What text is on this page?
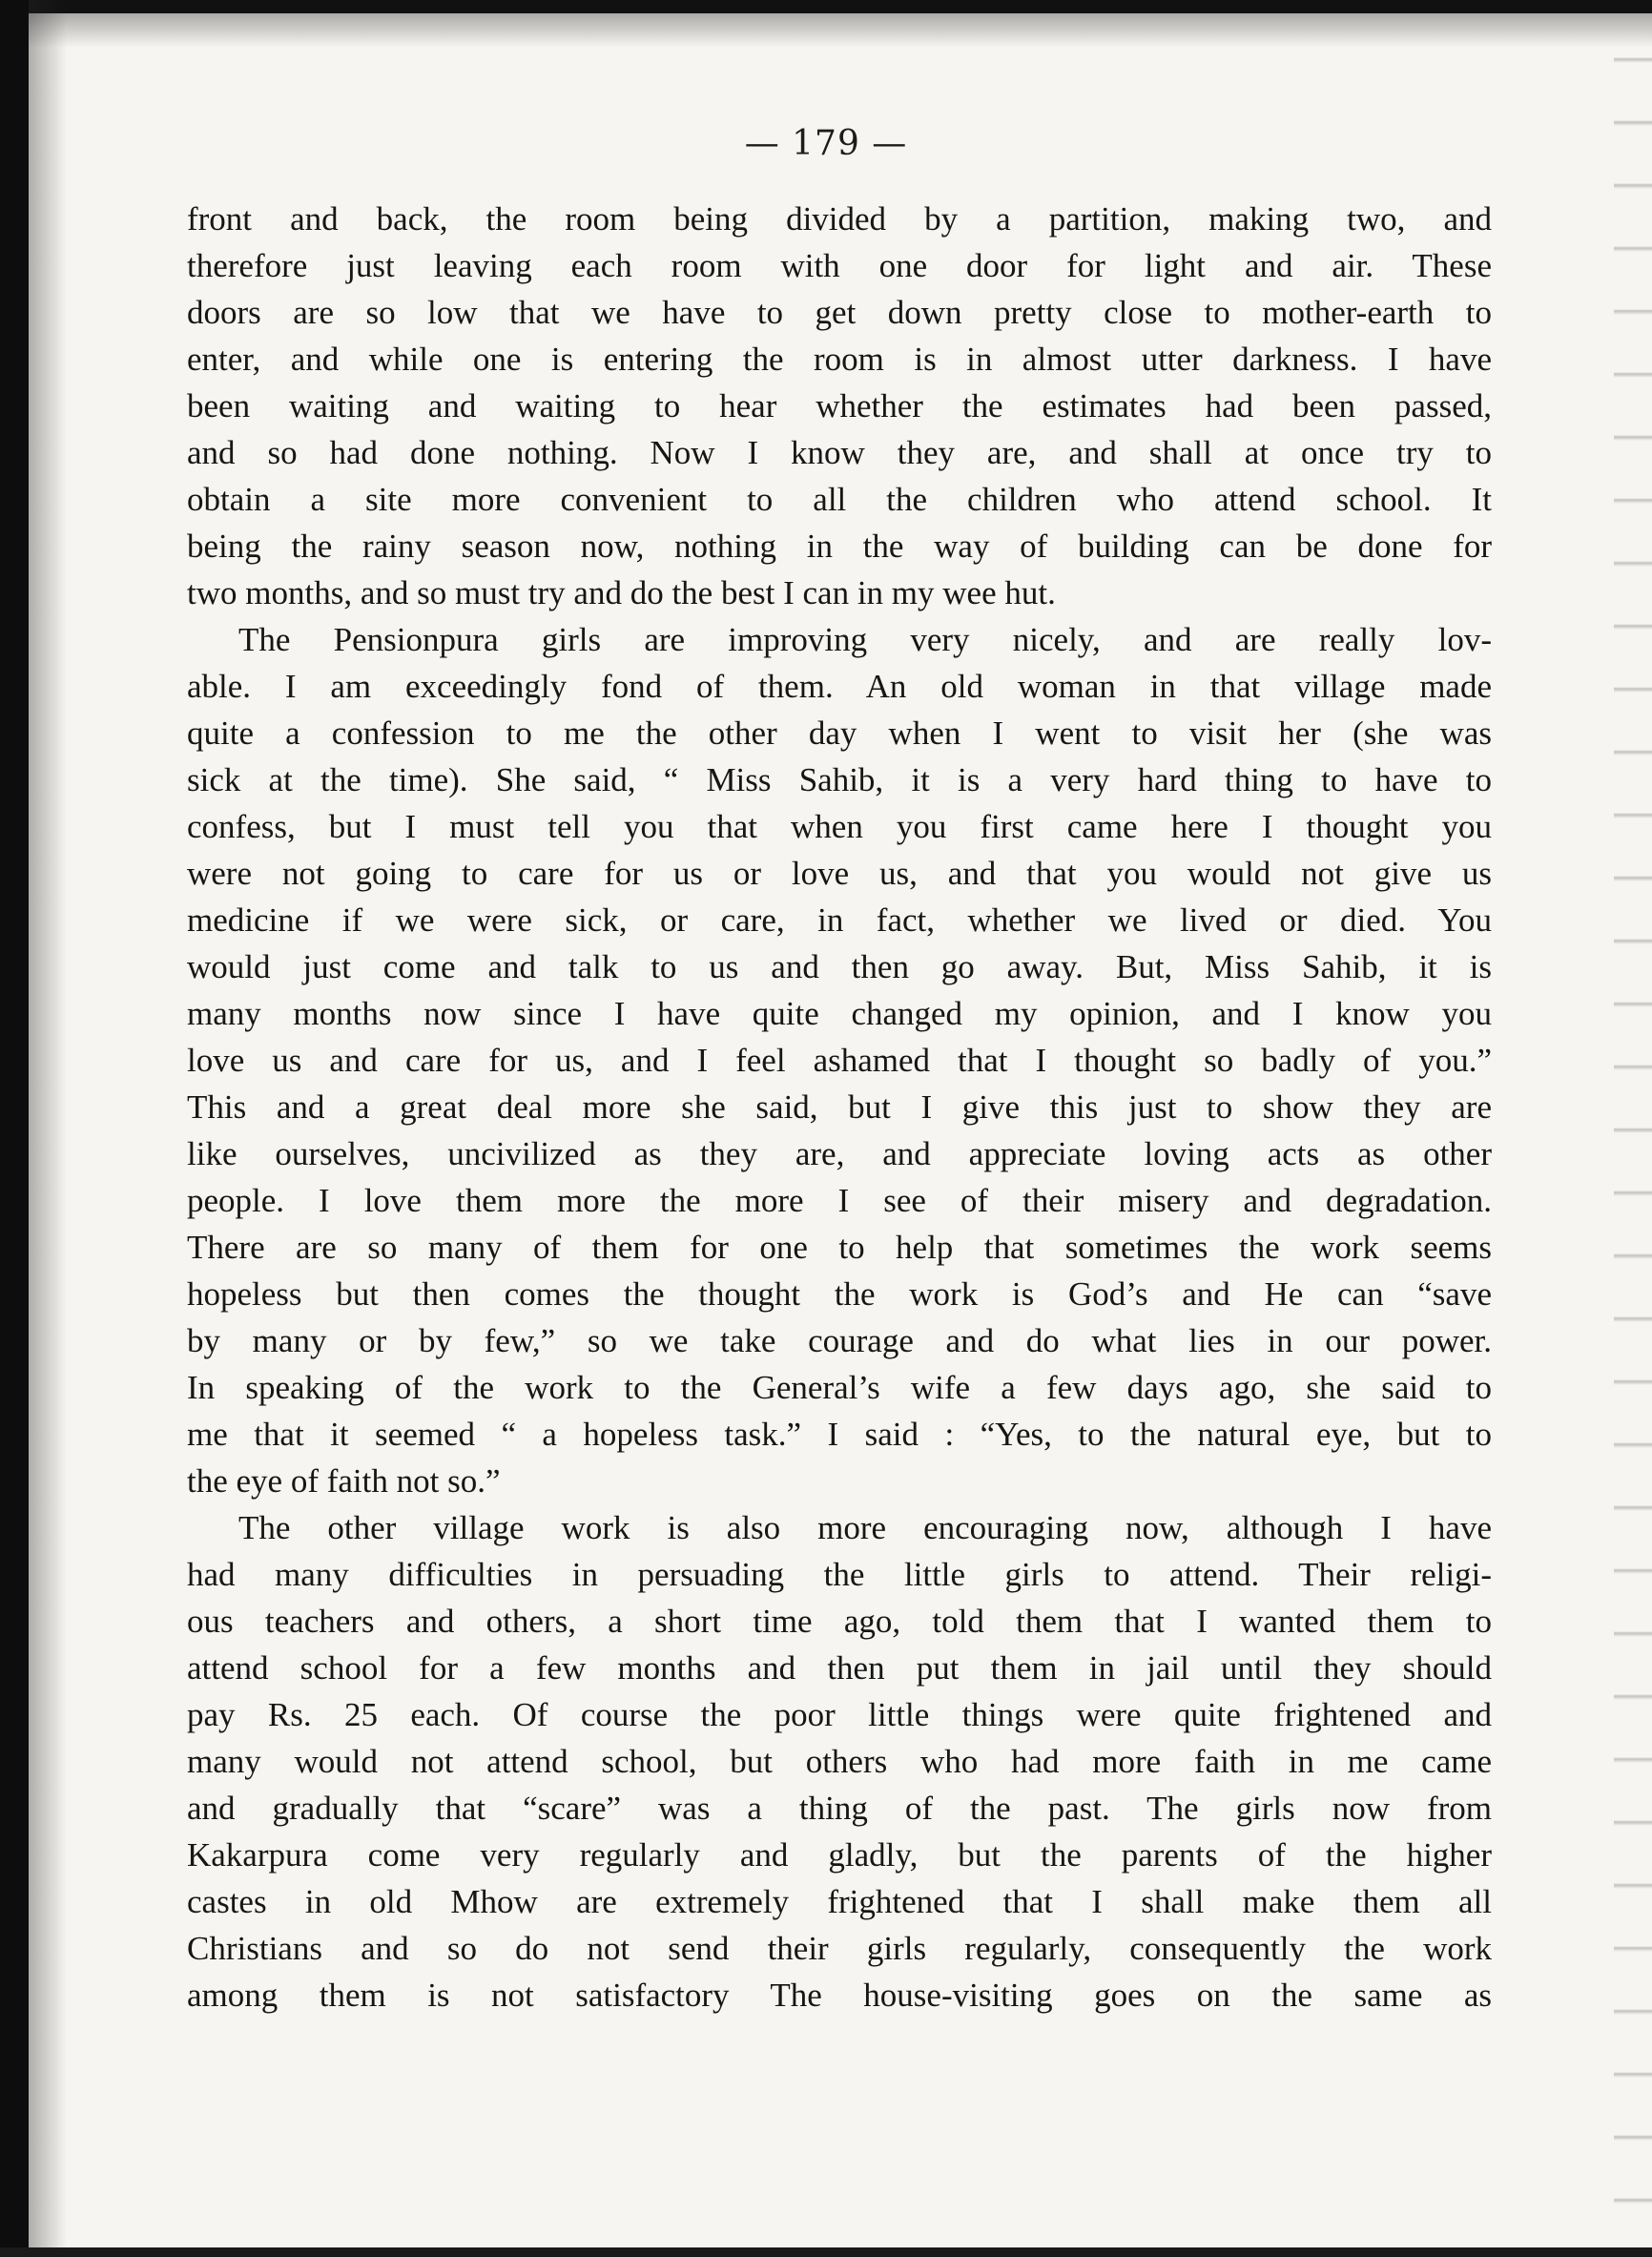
— 179 —
front and back, the room being divided by a partition, making two, and
therefore just leaving each room with one door for light and air. These
doors are so low that we have to get down pretty close to mother-earth to
enter, and while one is entering the room is in almost utter darkness. I have
been waiting and waiting to hear whether the estimates had been passed,
and so had done nothing. Now I know they are, and shall at once try to
obtain a site more convenient to all the children who attend school. It
being the rainy season now, nothing in the way of building can be done for
two months, and so must try and do the best I can in my wee hut.
The Pensionpura girls are improving very nicely, and are really lov-
able. I am exceedingly fond of them. An old woman in that village made
quite a confession to me the other day when I went to visit her (she was
sick at the time). She said, “ Miss Sahib, it is a very hard thing to have to
confess, but I must tell you that when you first came here I thought you
were not going to care for us or love us, and that you would not give us
medicine if we were sick, or care, in fact, whether we lived or died. You
would just come and talk to us and then go away. But, Miss Sahib, it is
many months now since I have quite changed my opinion, and I know you
love us and care for us, and I feel ashamed that I thought so badly of you.”
This and a great deal more she said, but I give this just to show they are
like ourselves, uncivilized as they are, and appreciate loving acts as other
people. I love them more the more I see of their misery and degradation.
There are so many of them for one to help that sometimes the work seems
hopeless but then comes the thought the work is God’s and He can “save
by many or by few,” so we take courage and do what lies in our power.
In speaking of the work to the General’s wife a few days ago, she said to
me that it seemed “ a hopeless task.” I said : “Yes, to the natural eye, but to
the eye of faith not so.”
The other village work is also more encouraging now, although I have
had many difficulties in persuading the little girls to attend. Their religi-
ous teachers and others, a short time ago, told them that I wanted them to
attend school for a few months and then put them in jail until they should
pay Rs. 25 each. Of course the poor little things were quite frightened and
many would not attend school, but others who had more faith in me came
and gradually that “scare” was a thing of the past. The girls now from
Kakarpura come very regularly and gladly, but the parents of the higher
castes in old Mhow are extremely frightened that I shall make them all
Christians and so do not send their girls regularly, consequently the work
among them is not satisfactory The house-visiting goes on the same as
